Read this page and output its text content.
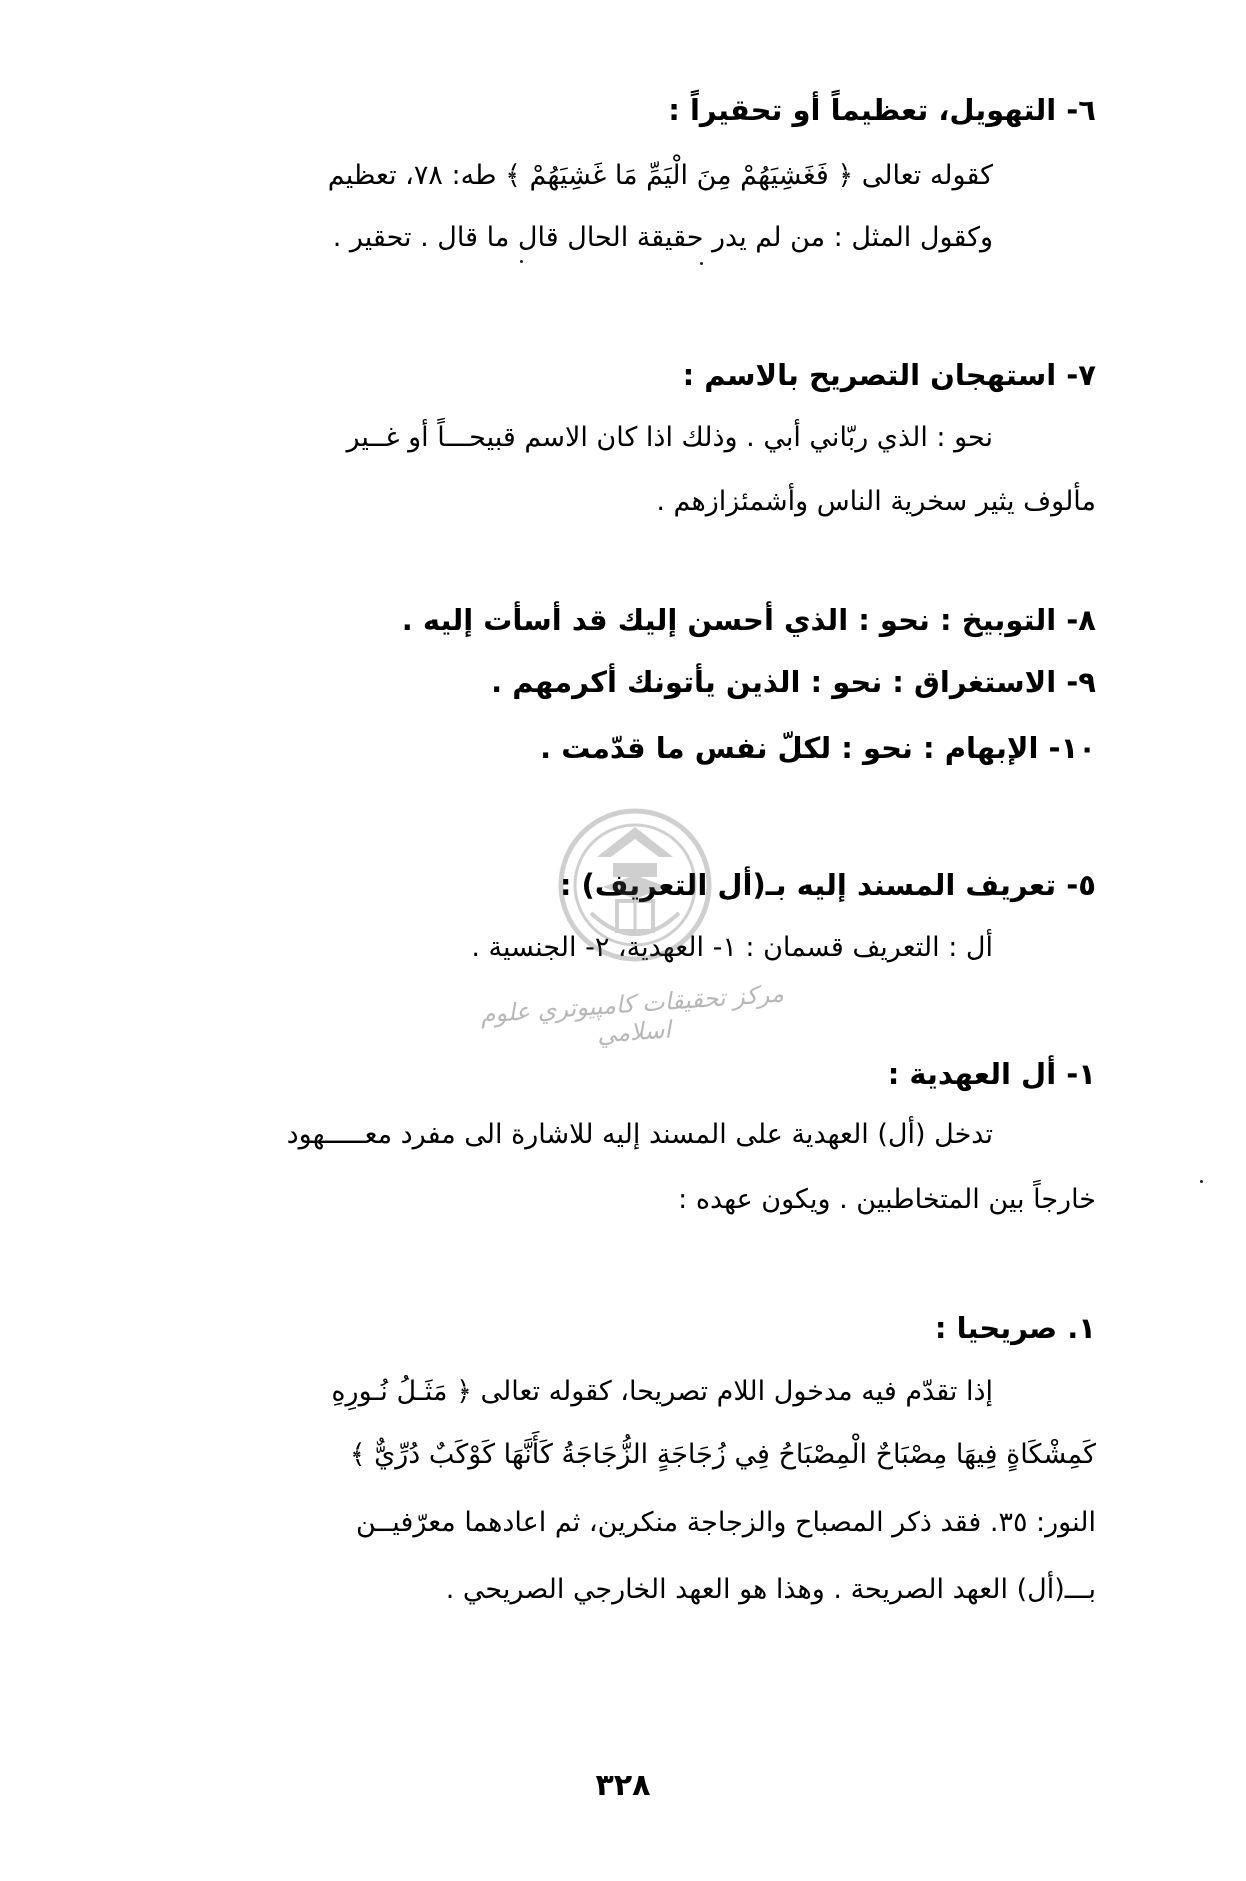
٦- التهويل، تعظيماً أو تحقيراً :
كقوله تعالى ﴿ فَغَشِيَهُمْ مِنَ الْيَمِّ مَا غَشِيَهُمْ ﴾ طه: ٧٨، تعظيم
وكقول المثل : من لم يدر حقيقة الحال قال ما قال . تحقير .
٧- استهجان التصريح بالاسم :
نحو : الذي ربّاني أبي . وذلك اذا كان الاسم قبيحـــاً أو غــير
مألوف يثير سخرية الناس وأشمئزازهم .
٨- التوبيخ : نحو : الذي أحسن إليك قد أسأت إليه .
٩- الاستغراق : نحو : الذين يأتونك أكرمهم .
١٠- الإبهام : نحو : لكلّ نفس ما قدّمت .
٥- تعريف المسند إليه بـ(أل التعريف) :
أل : التعريف قسمان : ١- العهدية، ٢- الجنسية .
١- أل العهدية :
تدخل (أل) العهدية على المسند إليه للاشارة الى مفرد معـــــهود
خارجاً بين المتخاطبين . ويكون عهده :
١. صريحيا :
إذا تقدّم فيه مدخول اللام تصريحا، كقوله تعالى ﴿ مَثَـلُ نُـورِهِ
كَمِشْكَاةٍ فِيهَا مِصْبَاحٌ الْمِصْبَاحُ فِي زُجَاجَةٍ الزُّجَاجَةُ كَأَنَّهَا كَوْكَبٌ دُرِّيٌّ ﴾
النور: ٣٥. فقد ذكر المصباح والزجاجة منكرين، ثم اعادهما معرّفيــن
بـــ(أل) العهد الصريحة . وهذا هو العهد الخارجي الصريحي .
مركز تحقيقات كامپيوتري علوم اسلامي
٣٢٨
